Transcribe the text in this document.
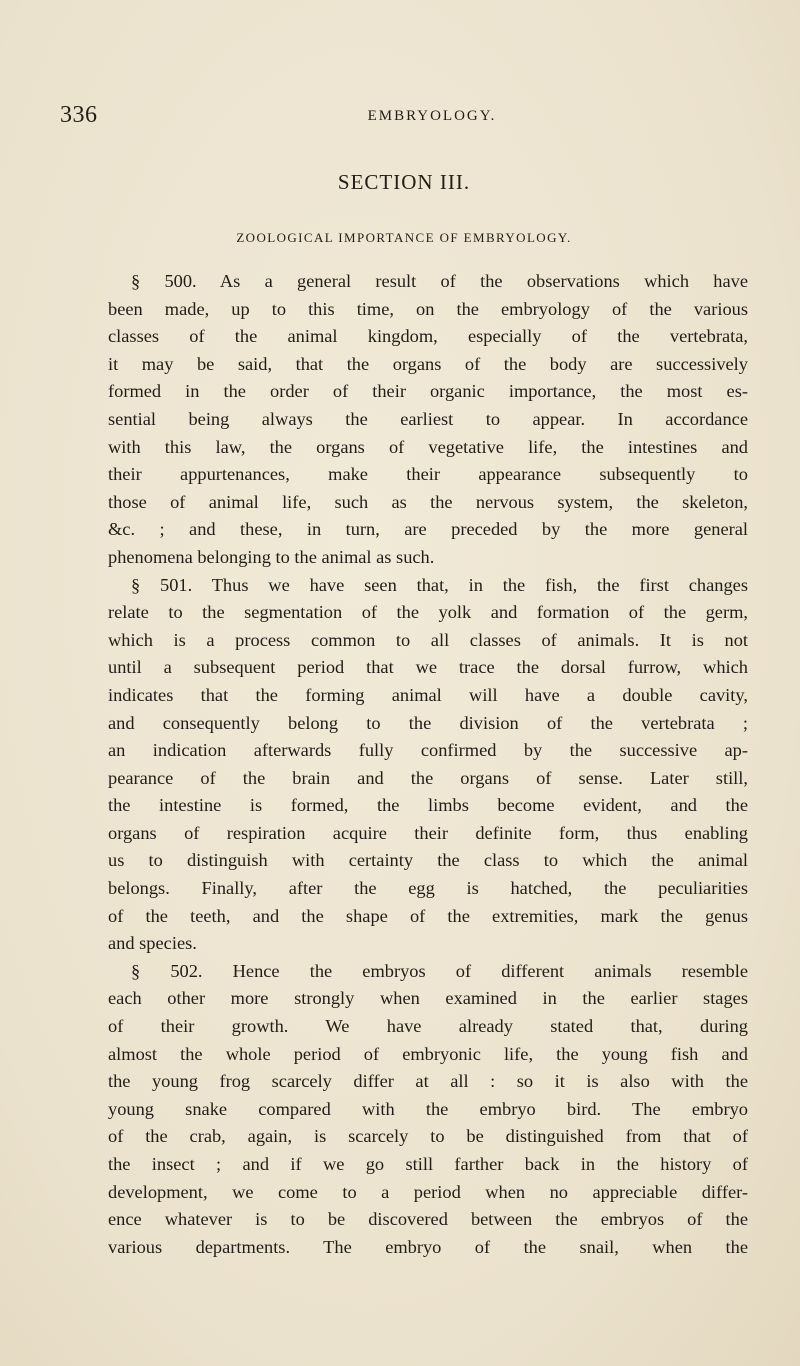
336	EMBRYOLOGY.
SECTION III.
ZOOLOGICAL IMPORTANCE OF EMBRYOLOGY.
§ 500. As a general result of the observations which have
been made, up to this time, on the embryology of the various
classes of the animal kingdom, especially of the vertebrata,
it may be said, that the organs of the body are successively
formed in the order of their organic importance, the most es-
sential being always the earliest to appear. In accordance
with this law, the organs of vegetative life, the intestines and
their appurtenances, make their appearance subsequently to
those of animal life, such as the nervous system, the skeleton,
&c. ; and these, in turn, are preceded by the more general
phenomena belonging to the animal as such.
§ 501. Thus we have seen that, in the fish, the first changes
relate to the segmentation of the yolk and formation of the germ,
which is a process common to all classes of animals. It is not
until a subsequent period that we trace the dorsal furrow, which
indicates that the forming animal will have a double cavity,
and consequently belong to the division of the vertebrata ;
an indication afterwards fully confirmed by the successive ap-
pearance of the brain and the organs of sense. Later still,
the intestine is formed, the limbs become evident, and the
organs of respiration acquire their definite form, thus enabling
us to distinguish with certainty the class to which the animal
belongs. Finally, after the egg is hatched, the peculiarities
of the teeth, and the shape of the extremities, mark the genus
and species.
§ 502. Hence the embryos of different animals resemble
each other more strongly when examined in the earlier stages
of their growth. We have already stated that, during
almost the whole period of embryonic life, the young fish and
the young frog scarcely differ at all : so it is also with the
young snake compared with the embryo bird. The embryo
of the crab, again, is scarcely to be distinguished from that of
the insect ; and if we go still farther back in the history of
development, we come to a period when no appreciable differ-
ence whatever is to be discovered between the embryos of the
various departments. The embryo of the snail, when the
